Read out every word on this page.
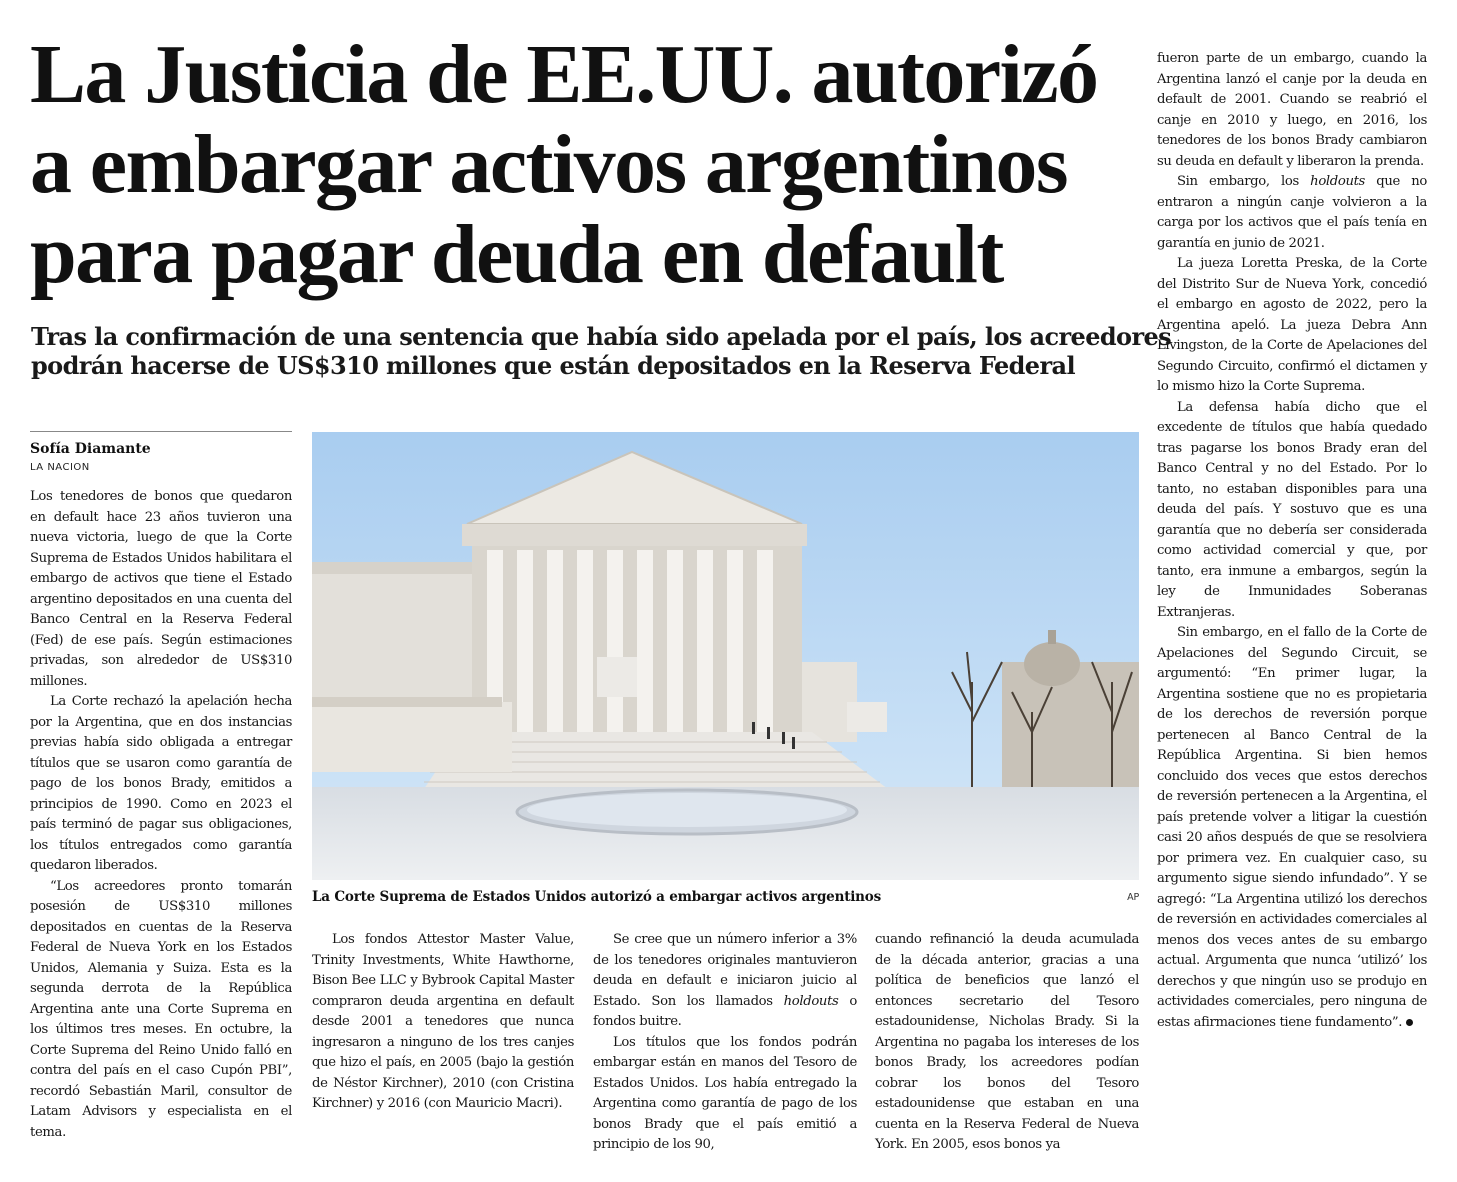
La Justicia de EE.UU. autorizó
a embargar activos argentinos
para pagar deuda en default
Tras la confirmación de una sentencia que había sido apelada por el país, los acreedores
podrán hacerse de US$310 millones que están depositados en la Reserva Federal
Sofía Diamante
LA NACION

Los tenedores de bonos que quedaron en default hace 23 años tuvieron una nueva victoria, luego de que la Corte Suprema de Estados Unidos habilitara el embargo de activos que tiene el Estado argentino depositados en una cuenta del Banco Central en la Reserva Federal (Fed) de ese país. Según estimaciones privadas, son alrededor de US$310 millones.

La Corte rechazó la apelación hecha por la Argentina, que en dos instancias previas había sido obligada a entregar títulos que se usaron como garantía de pago de los bonos Brady, emitidos a principios de 1990. Como en 2023 el país terminó de pagar sus obligaciones, los títulos entregados como garantía quedaron liberados.

“Los acreedores pronto tomarán posesión de US$310 millones depositados en cuentas de la Reserva Federal de Nueva York en los Estados Unidos, Alemania y Suiza. Esta es la segunda derrota de la República Argentina ante una Corte Suprema en los últimos tres meses. En octubre, la Corte Suprema del Reino Unido falló en contra del país en el caso Cupón PBI”, recordó Sebastián Maril, consultor de Latam Advisors y especialista en el tema.

La Corte Suprema de Estados Unidos autorizó a embargar activos argentinos	AP

Los fondos Attestor Master Value, Trinity Investments, White Hawthorne, Bison Bee LLC y Bybrook Capital Master compraron deuda argentina en default desde 2001 a tenedores que nunca ingresaron a ninguno de los tres canjes que hizo el país, en 2005 (bajo la gestión de Néstor Kirchner), 2010 (con Cristina Kirchner) y 2016 (con Mauricio Macri).

Se cree que un número inferior a 3% de los tenedores originales mantuvieron deuda en default e iniciaron juicio al Estado. Son los llamados holdouts o fondos buitre.

Los títulos que los fondos podrán embargar están en manos del Tesoro de Estados Unidos. Los había entregado la Argentina como garantía de pago de los bonos Brady que el país emitió a principio de los 90,

cuando refinanció la deuda acumulada de la década anterior, gracias a una política de beneficios que lanzó el entonces secretario del Tesoro estadounidense, Nicholas Brady. Si la Argentina no pagaba los intereses de los bonos Brady, los acreedores podían cobrar los bonos del Tesoro estadounidense que estaban en una cuenta en la Reserva Federal de Nueva York. En 2005, esos bonos ya

fueron parte de un embargo, cuando la Argentina lanzó el canje por la deuda en default de 2001. Cuando se reabrió el canje en 2010 y luego, en 2016, los tenedores de los bonos Brady cambiaron su deuda en default y liberaron la prenda.

Sin embargo, los holdouts que no entraron a ningún canje volvieron a la carga por los activos que el país tenía en garantía en junio de 2021.

La jueza Loretta Preska, de la Corte del Distrito Sur de Nueva York, concedió el embargo en agosto de 2022, pero la Argentina apeló. La jueza Debra Ann Livingston, de la Corte de Apelaciones del Segundo Circuito, confirmó el dictamen y lo mismo hizo la Corte Suprema.

La defensa había dicho que el excedente de títulos que había quedado tras pagarse los bonos Brady eran del Banco Central y no del Estado. Por lo tanto, no estaban disponibles para una deuda del país. Y sostuvo que es una garantía que no debería ser considerada como actividad comercial y que, por tanto, era inmune a embargos, según la ley de Inmunidades Soberanas Extranjeras.

Sin embargo, en el fallo de la Corte de Apelaciones del Segundo Circuit, se argumentó: “En primer lugar, la Argentina sostiene que no es propietaria de los derechos de reversión porque pertenecen al Banco Central de la República Argentina. Si bien hemos concluido dos veces que estos derechos de reversión pertenecen a la Argentina, el país pretende volver a litigar la cuestión casi 20 años después de que se resolviera por primera vez. En cualquier caso, su argumento sigue siendo infundado”. Y se agregó: “La Argentina utilizó los derechos de reversión en actividades comerciales al menos dos veces antes de su embargo actual. Argumenta que nunca ‘utilizó’ los derechos y que ningún uso se produjo en actividades comerciales, pero ninguna de estas afirmaciones tiene fundamento”.
